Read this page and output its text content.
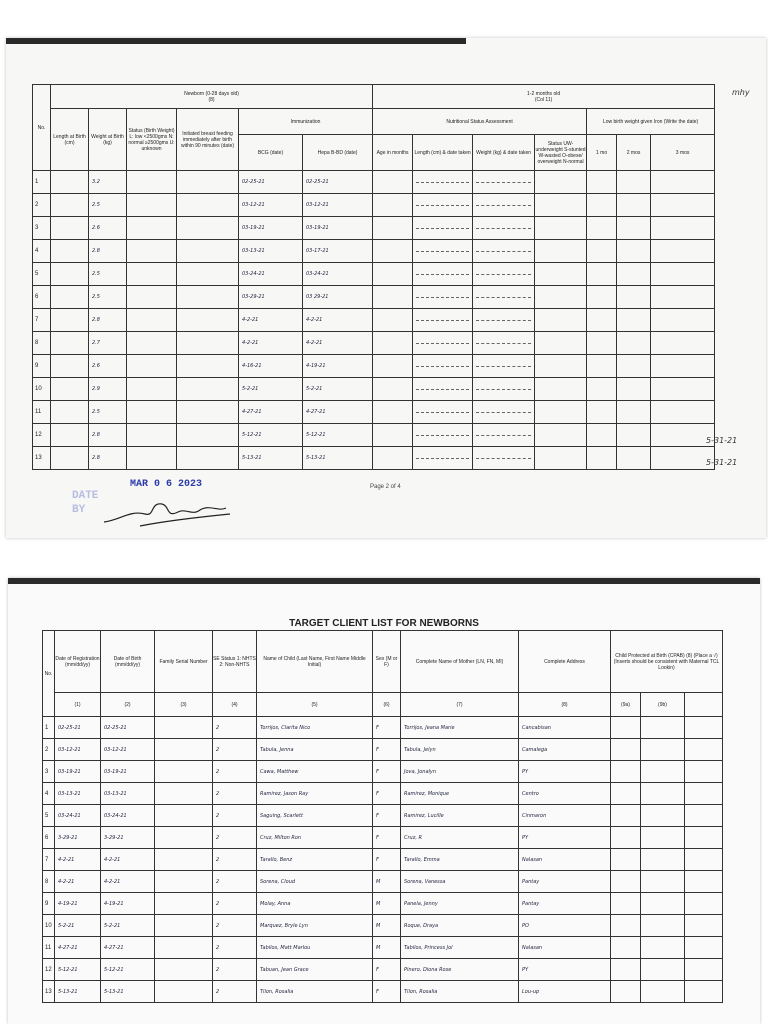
No.	Newborn (0-28 days old)
(8)						1-2 months old
(Col 11)						
	Length at Birth (cm)	Weight at Birth (kg)	Status (Birth Weight) L: low <2500gms N: normal ≥2500gms U: unknown	Initiated breast feeding immediately after birth within 90 minutes (date)	Immunization		Nutritional Status Assessment				Low birth weight given Iron (Write the date)		
					BCG (date)	Hepa B-BD (date)	Age in months	Length (cm) & date taken	Weight (kg) & date taken	Status UW-underweight S-stunted W-wasted O-obese/ overweight N-normal	1 mo	2 mos	3 mos
1		3.2			02-25-21	02-25-21		

2		2.5			03-12-21	03-12-21		

3		2.6			03-19-21	03-19-21		

4		2.8			03-13-21	03-17-21		

5		2.5			03-24-21	03-24-21		

6		2.5			03-29-21	03 29-21		

7		2.8			4-2-21	4-2-21		

8		2.7			4-2-21	4-2-21		

9		2.6			4-16-21	4-19-21		

10		2.9			5-2-21	5-2-21		

11		2.5			4-27-21	4-27-21		

12		2.8			5-12-21	5-12-21		

13		2.8			5-13-21	5-13-21		

Page 2 of 4
MAR 0 6 2023
DATE
BY
mhy
5-31-21
5-31-21
TARGET CLIENT LIST FOR NEWBORNS
No.	Date of Registration (mm/dd/yy)	Date of Birth (mm/dd/yy)	Family Serial Number	SE Status 1: NHTS 2: Non-NHTS	Name of Child (Last Name, First Name Middle Initial)	Sex (M or F)	Complete Name of Mother (LN, FN, MI)	Complete Address	Child Protected at Birth (CPAB) (8) (Place a √) (Inserts should be consistent with Maternal TCL Lookin)		
	(1)	(2)	(3)	(4)	(5)	(6)	(7)	(8)	(9a)	(9b)	
1	02-25-21	02-25-21		2	Torrijos, Clarita Nico	F	Torrijos, Jeana Marie	Cancabisan			
2	03-12-21	03-12-21		2	Tabula, Jenna	F	Tabula, Jelyn	Camalega			
3	03-19-21	03-19-21		2	Cawa, Matthew	F	Jova, Jonalyn	PY			
4	03-13-21	03-13-21		2	Ramirez, Jason Ray	F	Ramirez, Monique	Centro			
5	03-24-21	03-24-21		2	Saguing, Scarlett	F	Ramirez, Lucille	Cinmaron			
6	3-29-21	3-29-21		2	Cruz, Milton Ron	F	Cruz, R	PY			
7	4-2-21	4-2-21		2	Tarallo, Benz	F	Tarallo, Emma	Nalasan			
8	4-2-21	4-2-21		2	Sorena, Cloud	M	Sorena, Vanessa	Pantay			
9	4-19-21	4-19-21		2	Molay, Anna	M	Panela, Jenny	Pantay			
10	5-2-21	5-2-21		2	Marquez, Bryle Lyn	M	Roque, Draya	PO			
11	4-27-21	4-27-21		2	Tabilos, Matt Marlou	M	Tabilos, Princess Jol	Nalasan			
12	5-12-21	5-12-21		2	Tabuan, Jean Grace	F	Pinero, Diona Rose	PY			
13	5-13-21	5-13-21		2	Tilon, Rosalia	F	Tilon, Rosalia	Lou-up			
